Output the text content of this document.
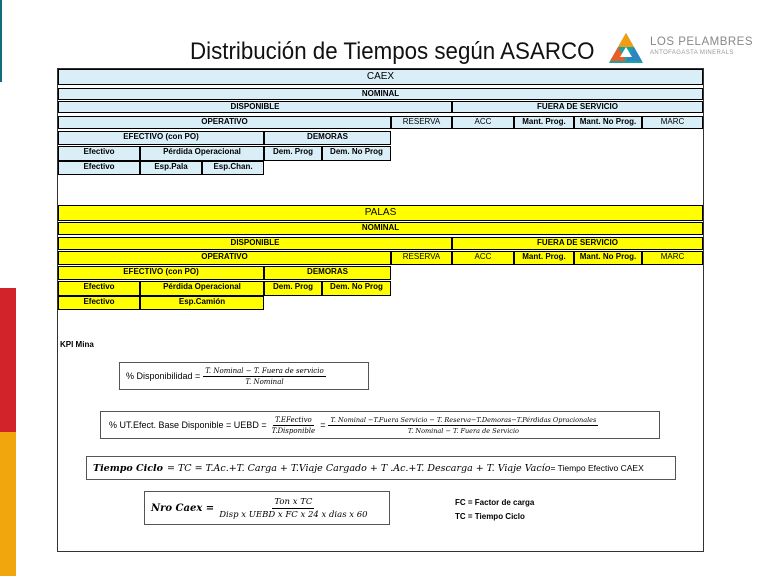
Distribución de Tiempos según ASARCO	LOS PELAMBRES
ANTOFAGASTA MINERALS
CAEX
NOMINAL
DISPONIBLE	FUERA DE SERVICIO
OPERATIVO	RESERVA	ACC	Mant. Prog.	Mant. No Prog.	MARC
EFECTIVO (con PO)	DEMORAS
Efectivo	Pérdida Operacional	Dem. Prog	Dem. No Prog
Efectivo	Esp.Pala	Esp.Chan.
PALAS
NOMINAL
DISPONIBLE	FUERA DE SERVICIO
OPERATIVO	RESERVA	ACC	Mant. Prog.	Mant. No Prog.	MARC
EFECTIVO (con PO)	DEMORAS
Efectivo	Pérdida Operacional	Dem. Prog	Dem. No Prog
Efectivo	Esp.Camión
KPI Mina
% Disponibilidad = $\frac{\text{T. Nominal − T. Fuera de servicio}}{\text{T. Nominal}}$
% UT.Efect. Base Disponible = UEBD = $\frac{\text{T.EFectivo}}{\text{T.Disponible}}$ =
T. Nominal −T.Fuera Servicio − T. Reserva−T.Demoras−T.Pérdidas Opracionales
T. Nominal − T. Fuera de Servicio
Tiempo Ciclo = TC = T.Ac.+T. Carga + T.Viaje Cargado + T .Ac.+T. Descarga + T. Viaje Vacío = Tiempo Efectivo CAEX
Nro Caex = $\frac{\text{Ton x TC}}{\text{Disp x UEBD x FC x 24 x dias x 60}}$	FC = Factor de carga
TC = Tiempo Ciclo
